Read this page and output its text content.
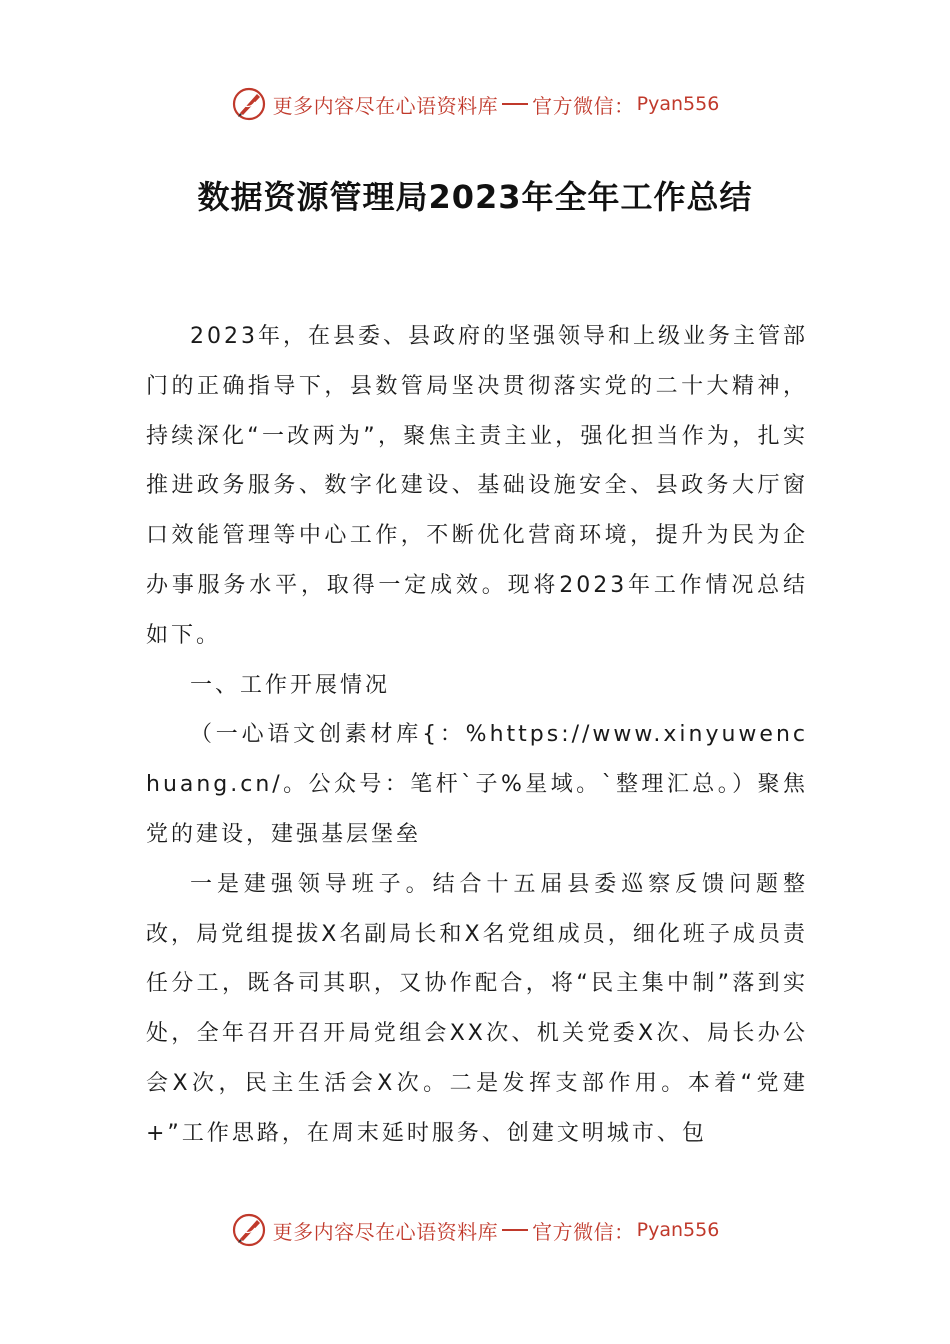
更多内容尽在心语资料库 官方微信： Pyan556
数据资源管理局2023年全年工作总结

2023年，在县委、县政府的坚强领导和上级业务主管部门的正确指导下，县数管局坚决贯彻落实党的二十大精神，持续深化“一改两为”，聚焦主责主业，强化担当作为，扎实推进政务服务、数字化建设、基础设施安全、县政务大厅窗口效能管理等中心工作，不断优化营商环境，提升为民为企办事服务水平，取得一定成效。现将2023年工作情况总结如下。

一、工作开展情况

（一心语文创素材库{：%https://www.xinyuwenchuang.cn/。公众号：笔杆`子%星域。`整理汇总。）聚焦党的建设，建强基层堡垒

一是建强领导班子。结合十五届县委巡察反馈问题整改，局党组提拔X名副局长和X名党组成员，细化班子成员责任分工，既各司其职，又协作配合，将“民主集中制”落到实处，全年召开召开局党组会XX次、机关党委X次、局长办公会X次，民主生活会X次。二是发挥支部作用。本着“党建+”工作思路，在周末延时服务、创建文明城市、包

更多内容尽在心语资料库 官方微信： Pyan556
